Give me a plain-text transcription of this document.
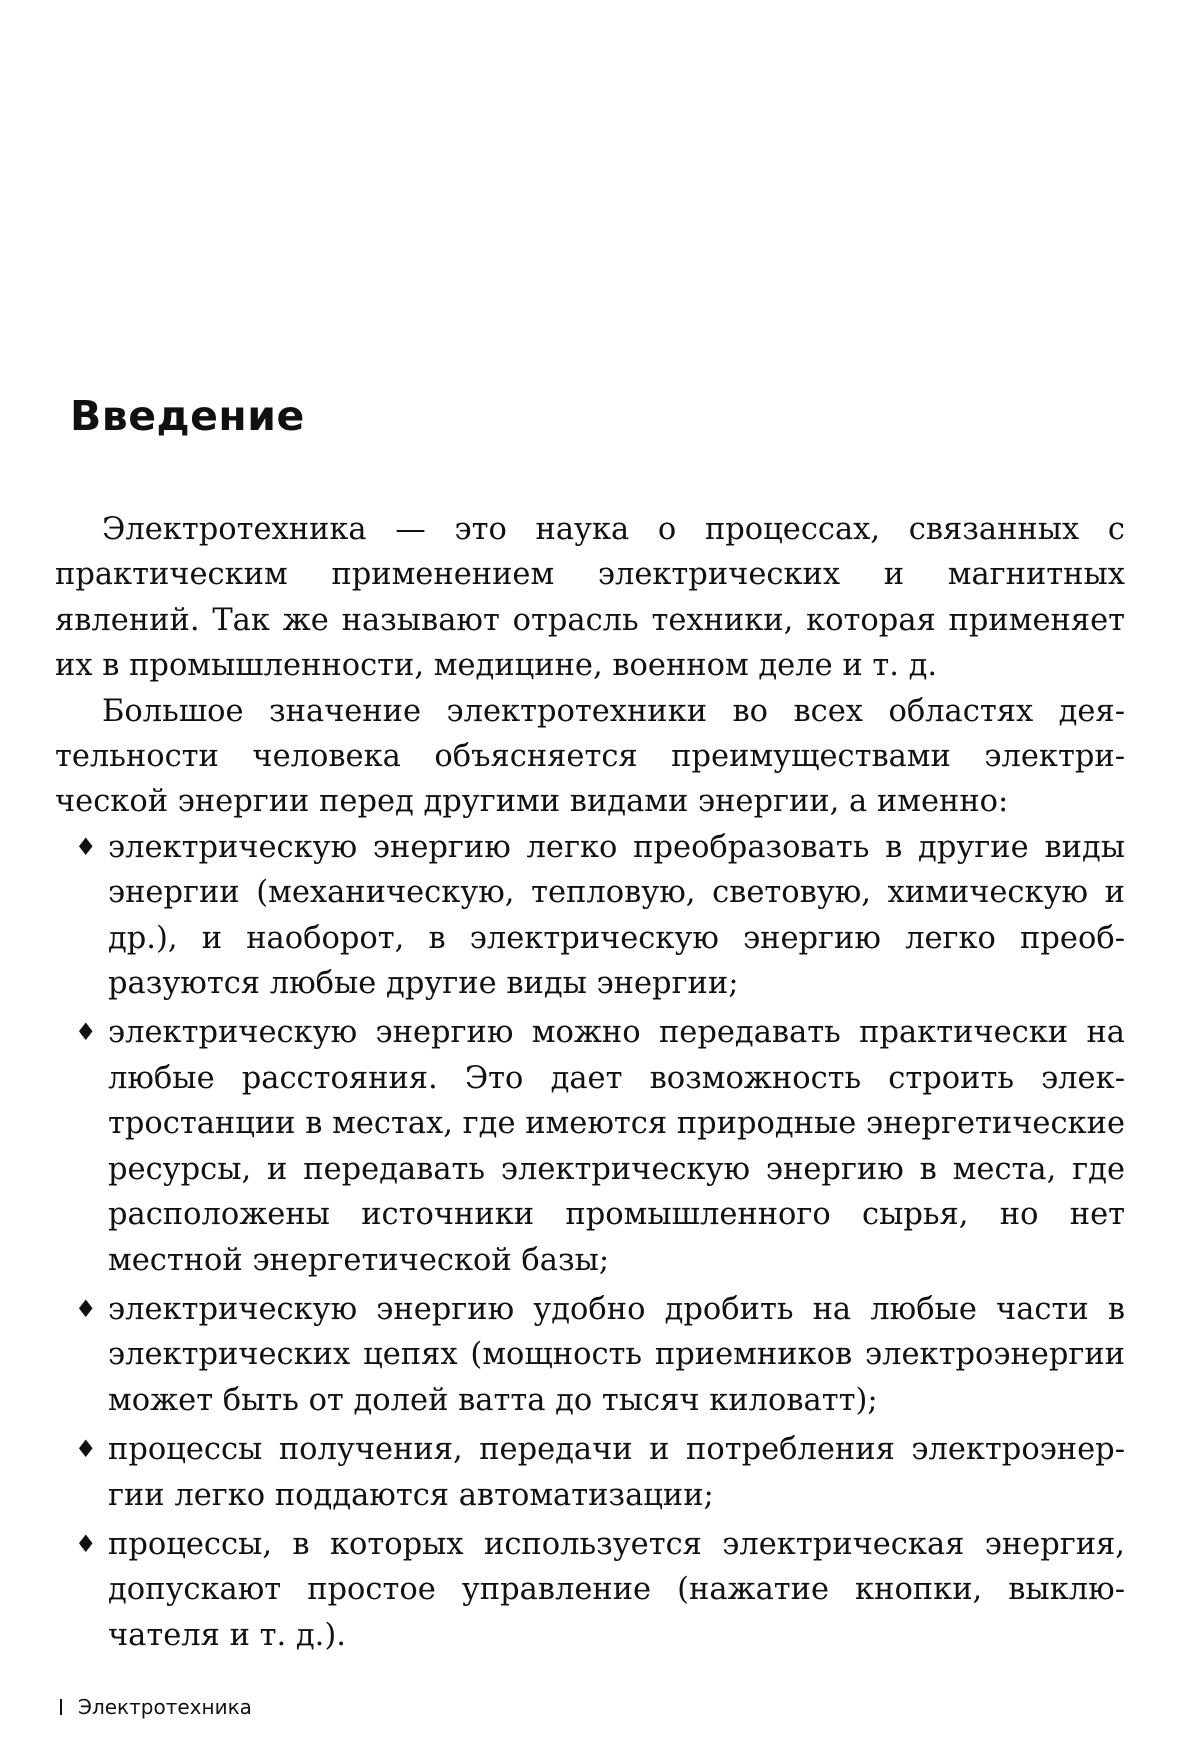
Введение

Электротехника — это наука о процессах, связанных с практическим применением электрических и магнитных явлений. Так же называют отрасль техники, которая применяет их в промышленности, медицине, военном деле и т. д.

Большое значение электротехники во всех областях деятельности человека объясняется преимуществами электрической энергии перед другими видами энергии, а именно:

♦ электрическую энергию легко преобразовать в другие виды энергии (механическую, тепловую, световую, химическую и др.), и наоборот, в электрическую энергию легко преобразуются любые другие виды энергии;
♦ электрическую энергию можно передавать практически на любые расстояния. Это дает возможность строить электростанции в местах, где имеются природные энергетические ресурсы, и передавать электрическую энергию в места, где расположены источники промышленного сырья, но нет местной энергетической базы;
♦ электрическую энергию удобно дробить на любые части в электрических цепях (мощность приемников электроэнергии может быть от долей ватта до тысяч киловатт);
♦ процессы получения, передачи и потребления электроэнергии легко поддаются автоматизации;
♦ процессы, в которых используется электрическая энергия, допускают простое управление (нажатие кнопки, выключателя и т. д.).
Электротехника
